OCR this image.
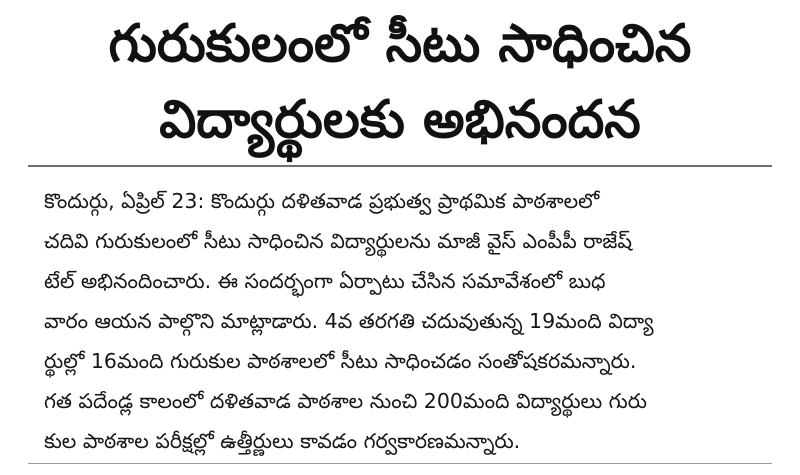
గురుకులంలో సీటు సాధించిన
విద్యార్థులకు అభినందన
కొందుర్గు, ఏప్రిల్ 23: కొందుర్గు దళితవాడ ప్రభుత్వ ప్రాథమిక పాఠశాలలో
చదివి గురుకులంలో సీటు సాధించిన విద్యార్థులను మాజీ వైస్ ఎంపీపీ రాజేష్
టేల్ అభినందించారు. ఈ సందర్భంగా ఏర్పాటు చేసిన సమావేశంలో బుధ
వారం ఆయన పాల్గొని మాట్లాడారు. 4వ తరగతి చదువుతున్న 19మంది విద్యా
ర్థుల్లో 16మంది గురుకుల పాఠశాలలో సీటు సాధించడం సంతోషకరమన్నారు.
గత పదేండ్ల కాలంలో దళితవాడ పాఠశాల నుంచి 200మంది విద్యార్థులు గురు
కుల పాఠశాల పరీక్షల్లో ఉత్తీర్ణులు కావడం గర్వకారణమన్నారు.
